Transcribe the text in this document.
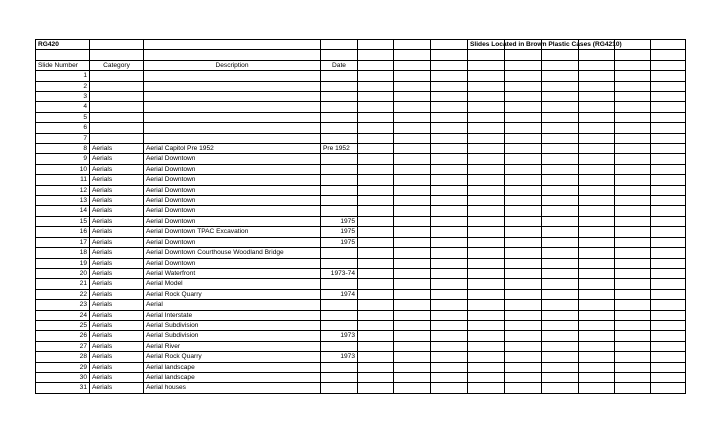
RG420							Slides Located in Brown Plastic Cases (RG4210)					

Slide Number	Category	Description	Date									
1												
2												
3												
4												
5												
6												
7												
8	Aerials	Aerial Capitol Pre 1952	Pre 1952									
9	Aerials	Aerial Downtown										
10	Aerials	Aerial Downtown										
11	Aerials	Aerial Downtown										
12	Aerials	Aerial Downtown										
13	Aerials	Aerial Downtown										
14	Aerials	Aerial Downtown										
15	Aerials	Aerial Downtown	1975									
16	Aerials	Aerial Downtown TPAC Excavation	1975									
17	Aerials	Aerial Downtown	1975									
18	Aerials	Aerial Downtown Courthouse Woodland Bridge										
19	Aerials	Aerial Downtown										
20	Aerials	Aerial Waterfront	1973-74									
21	Aerials	Aerial Model										
22	Aerials	Aerial Rock Quarry	1974									
23	Aerials	Aerial										
24	Aerials	Aerial Interstate										
25	Aerials	Aerial Subdivision										
26	Aerials	Aerial Subdivision	1973									
27	Aerials	Aerial River										
28	Aerials	Aerial Rock Quarry	1973									
29	Aerials	Aerial landscape										
30	Aerials	Aerial landscape										
31	Aerials	Aerial houses										
